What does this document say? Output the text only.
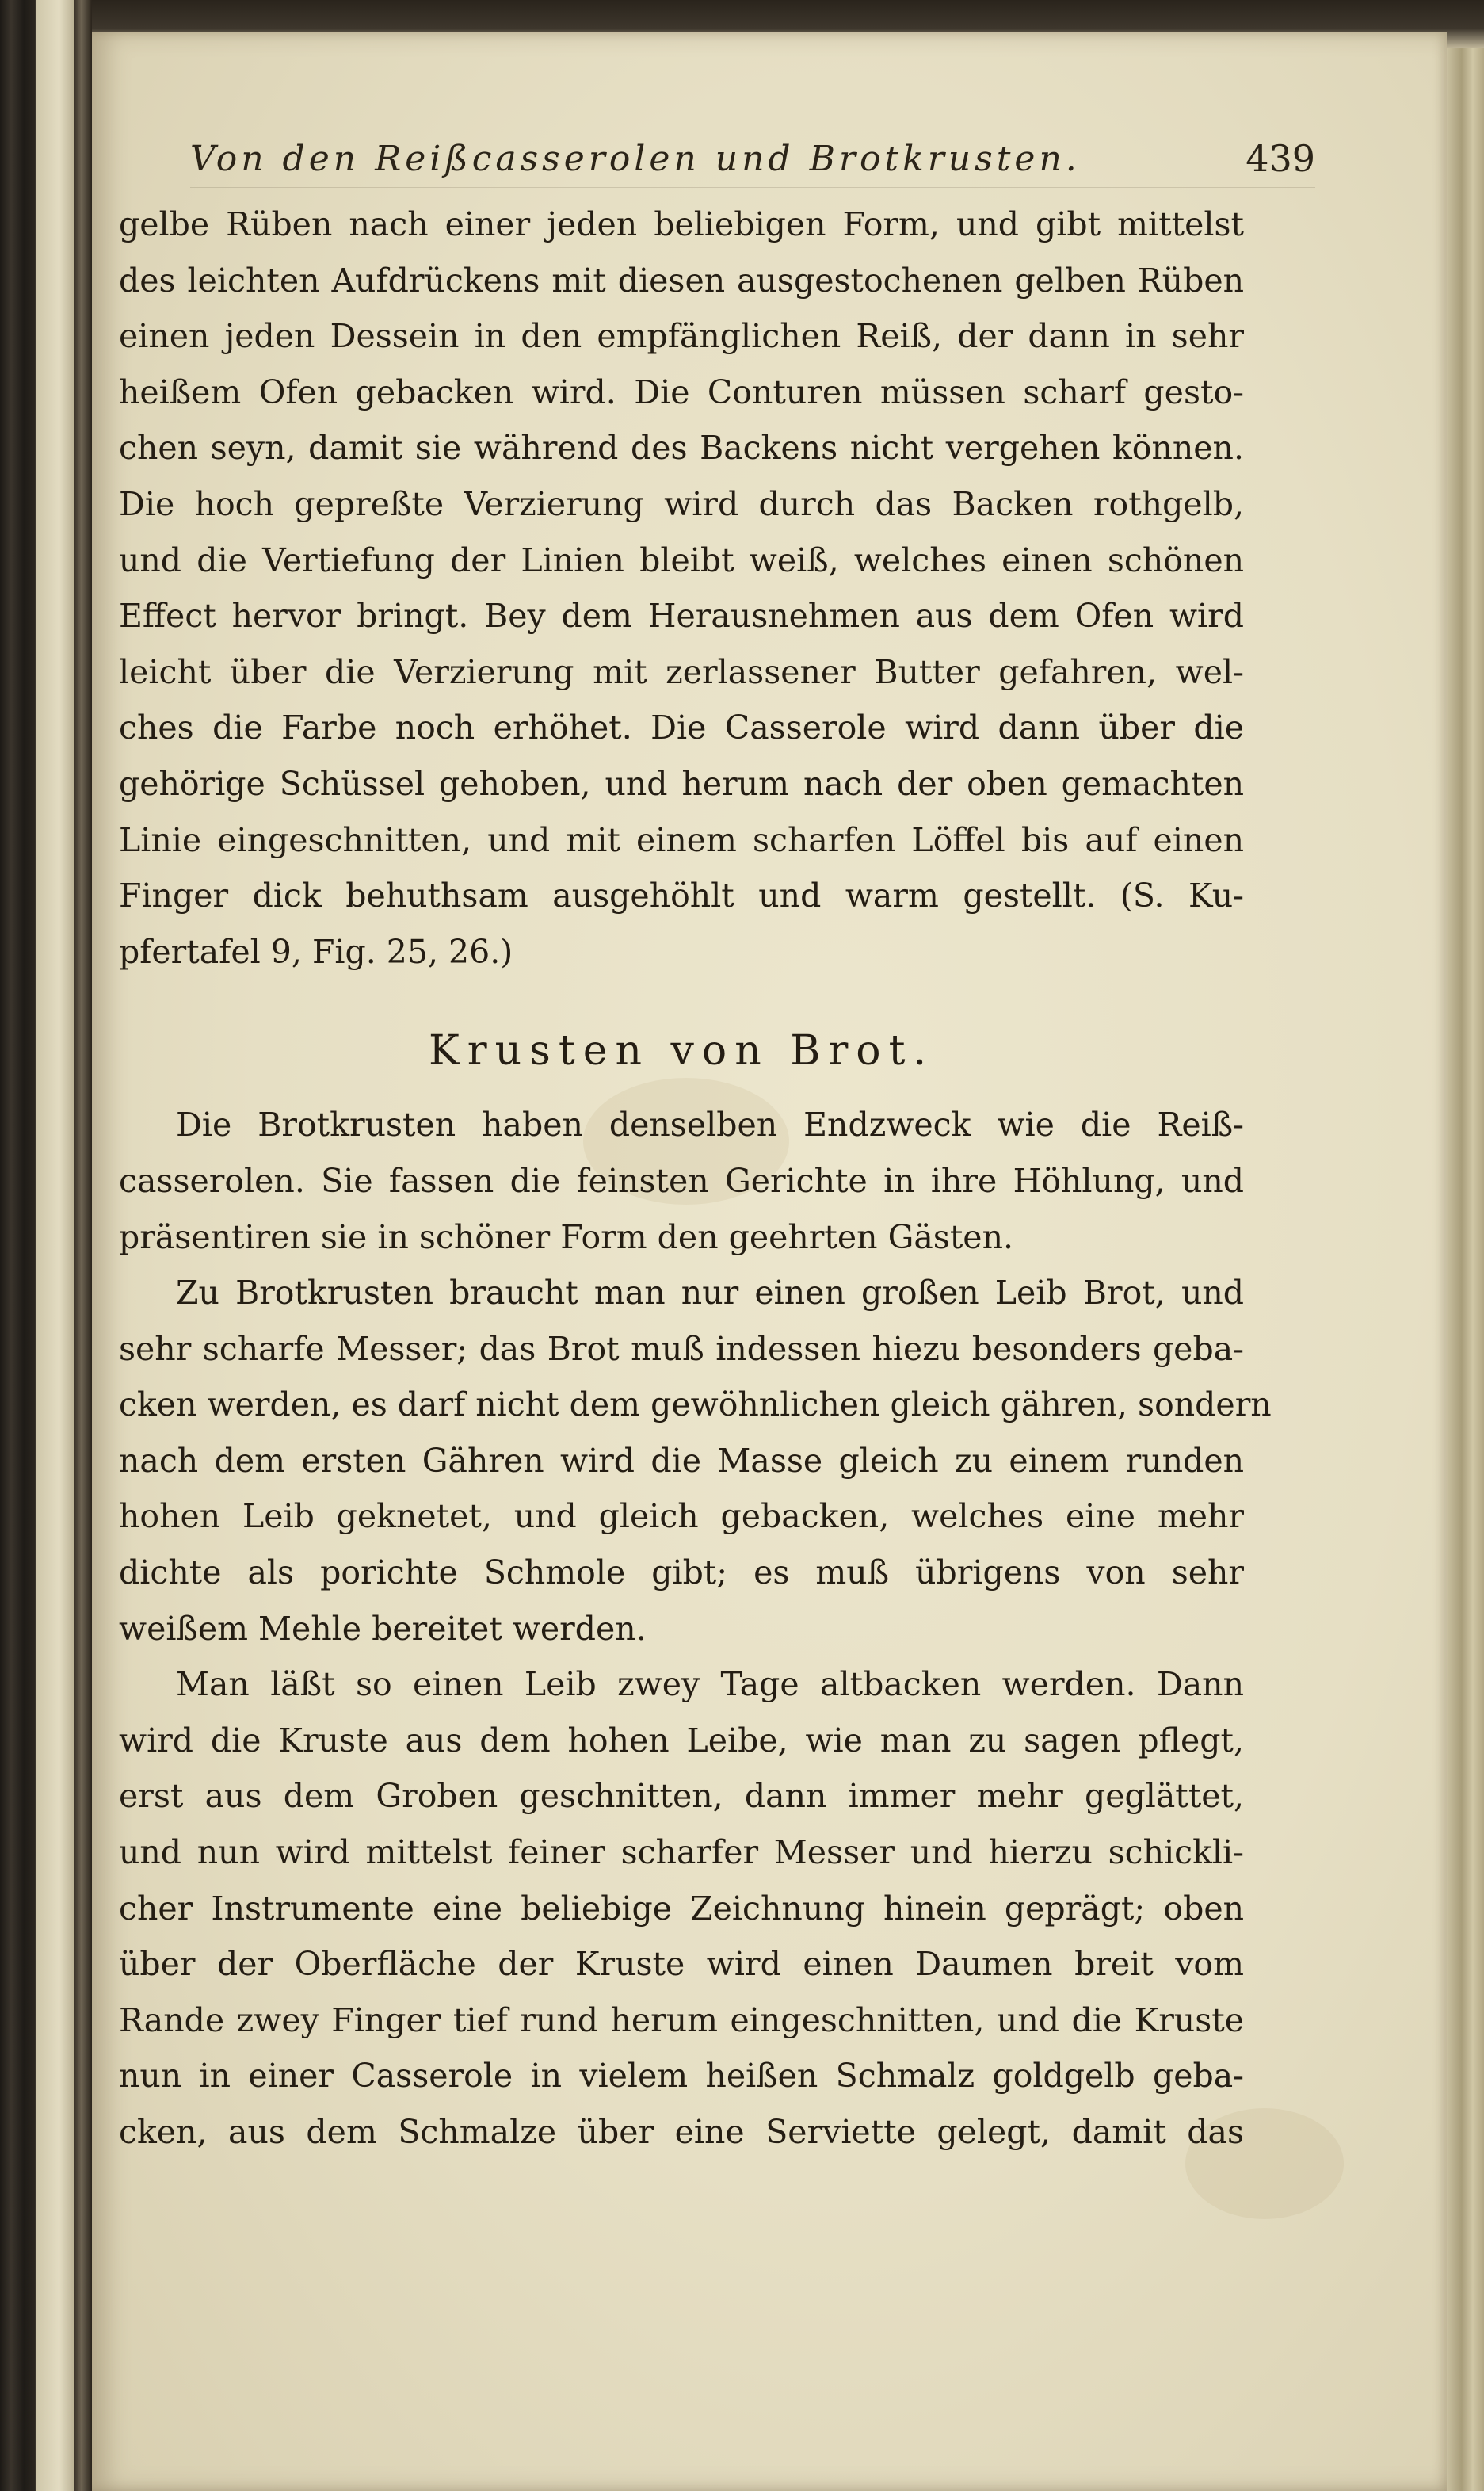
Von den Reißcasserolen und Brotkrusten.	439

gelbe Rüben nach einer jeden beliebigen Form, und gibt mittelst
des leichten Aufdrückens mit diesen ausgestochenen gelben Rüben
einen jeden Dessein in den empfänglichen Reiß, der dann in sehr
heißem Ofen gebacken wird. Die Conturen müssen scharf gesto-
chen seyn, damit sie während des Backens nicht vergehen können.
Die hoch gepreßte Verzierung wird durch das Backen rothgelb,
und die Vertiefung der Linien bleibt weiß, welches einen schönen
Effect hervor bringt. Bey dem Herausnehmen aus dem Ofen wird
leicht über die Verzierung mit zerlassener Butter gefahren, wel-
ches die Farbe noch erhöhet. Die Casserole wird dann über die
gehörige Schüssel gehoben, und herum nach der oben gemachten
Linie eingeschnitten, und mit einem scharfen Löffel bis auf einen
Finger dick behuthsam ausgehöhlt und warm gestellt. (S. Ku-
pfertafel 9, Fig. 25, 26.)

Krusten von Brot.

Die Brotkrusten haben denselben Endzweck wie die Reiß-
casserolen. Sie fassen die feinsten Gerichte in ihre Höhlung, und
präsentiren sie in schöner Form den geehrten Gästen.

Zu Brotkrusten braucht man nur einen großen Leib Brot, und
sehr scharfe Messer; das Brot muß indessen hiezu besonders geba-
cken werden, es darf nicht dem gewöhnlichen gleich gähren, sondern
nach dem ersten Gähren wird die Masse gleich zu einem runden
hohen Leib geknetet, und gleich gebacken, welches eine mehr
dichte als porichte Schmole gibt; es muß übrigens von sehr
weißem Mehle bereitet werden.

Man läßt so einen Leib zwey Tage altbacken werden. Dann
wird die Kruste aus dem hohen Leibe, wie man zu sagen pflegt,
erst aus dem Groben geschnitten, dann immer mehr geglättet,
und nun wird mittelst feiner scharfer Messer und hierzu schickli-
cher Instrumente eine beliebige Zeichnung hinein geprägt; oben
über der Oberfläche der Kruste wird einen Daumen breit vom
Rande zwey Finger tief rund herum eingeschnitten, und die Kruste
nun in einer Casserole in vielem heißen Schmalz goldgelb geba-
cken, aus dem Schmalze über eine Serviette gelegt, damit das
